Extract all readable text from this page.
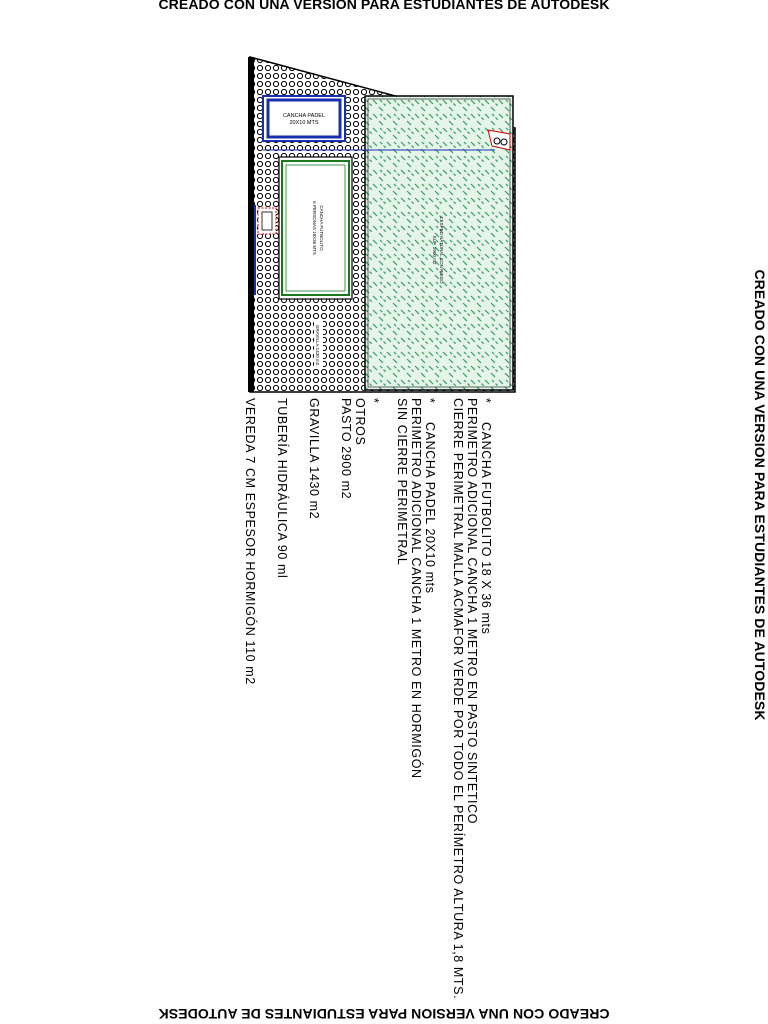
CREADO CON UNA VERSION PARA ESTUDIANTES DE AUTODESK
CREADO CON UNA VERSION PARA ESTUDIANTES DE AUTODESK
CREADO CON UNA VERSION PARA ESTUDIANTES DE AUTODESK
CANCHA PADEL
20X10 MTS
CANCHA FUTBOLITO
6 PERSONAS 18X36 MTS	CESPED NATURAL CON RIEGO
SUP. 2900 m2
GRAVILLA 1430 m2
*
CANCHA FUTBOLITO 18 X 36 mts
PERIMETRO ADICIONAL CANCHA 1 METRO EN PASTO SINTETICO
CIERRE PERIMETRAL MALLA ACMAFOR VERDE POR TODO EL PERÍMETRO ALTURA 1,8 MTS.
*
CANCHA PADEL 20X10 mts
PERIMETRO ADICIONAL CANCHA 1 METRO EN HORMIGÓN
SIN CIERRE PERIMETRAL
*
OTROS
PASTO 2900 m2
GRAVILLA 1430 m2
TUBERÍA HIDRÁULICA 90 ml
VEREDA 7 CM ESPESOR HORMIGÓN 110 m2
